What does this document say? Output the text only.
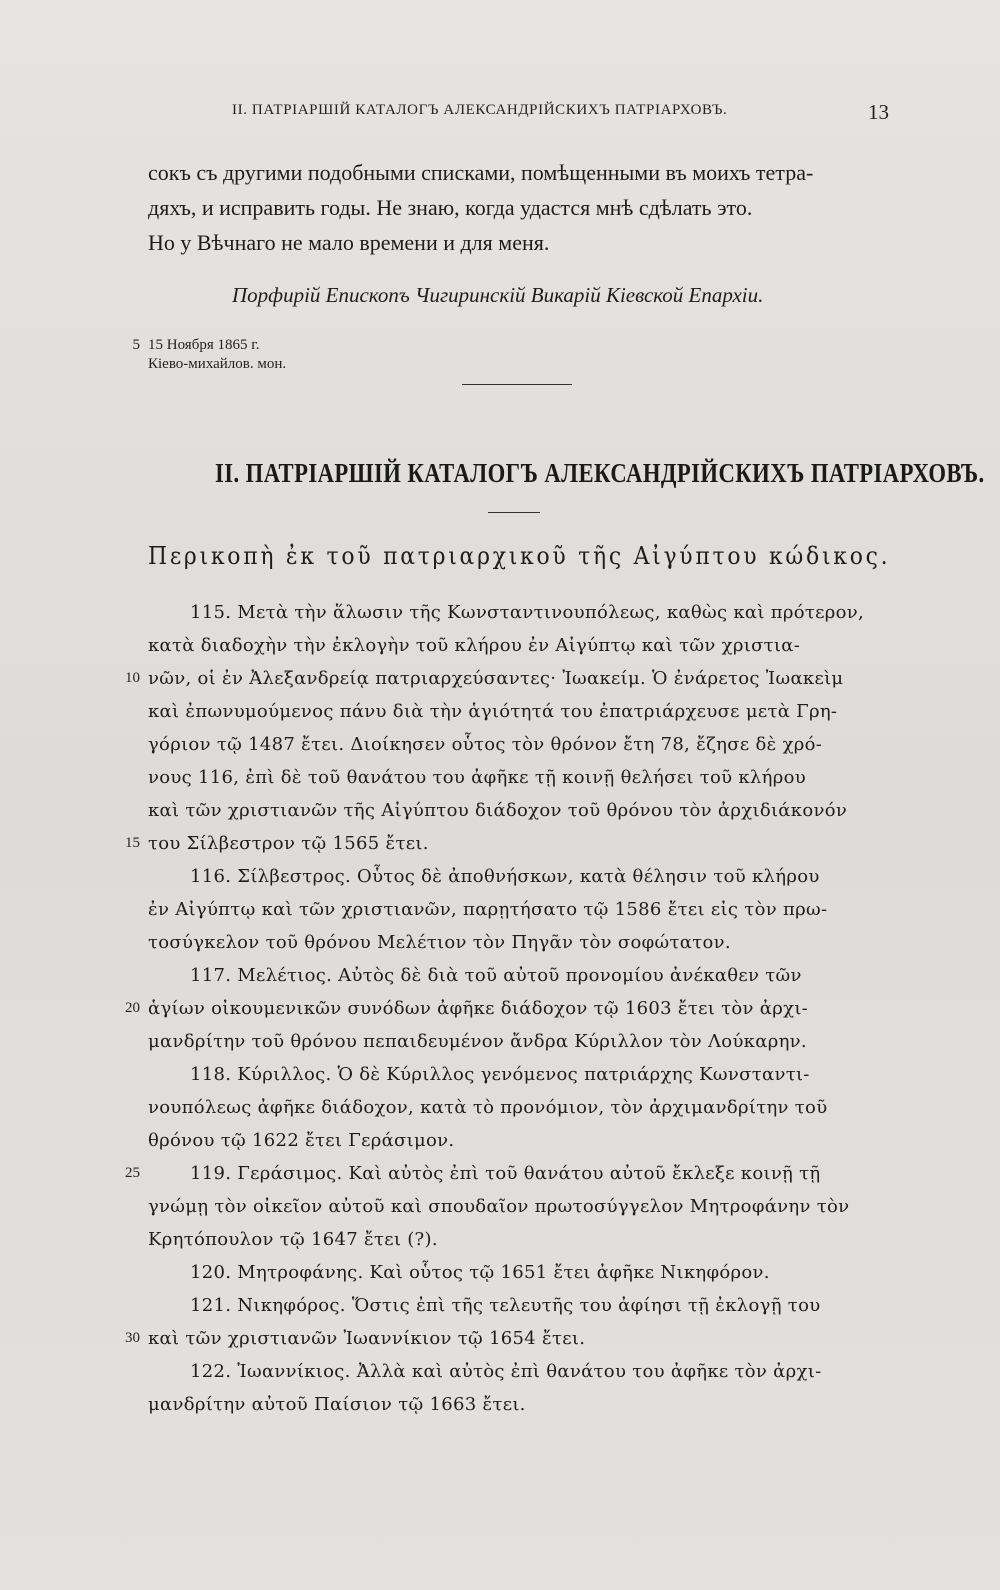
II. ПАТРІАРШІЙ КАТАЛОГЪ АЛЕКСАНДРІЙСКИХЪ ПАТРІАРХОВЪ.	13
сокъ съ другими подобными списками, помѣщенными въ моихъ тетра-
дяхъ, и исправить годы. Не знаю, когда удастся мнѣ сдѣлать это.
Но у Вѣчнаго не мало времени и для меня.
Порфирій Епископъ Чигиринскій Викарій Кіевской Епархіи.
5 15 Ноября 1865 г.
Кіево-михайлов. мон.
II. ПАТРІАРШІЙ КАТАЛОГЪ АЛЕКСАНДРІЙСКИХЪ ПАТРІАРХОВЪ.
Περικοπὴ ἐκ τοῦ πατριαρχικοῦ τῆς Αἰγύπτου κώδικος.
115. Μετὰ τὴν ἅλωσιν τῆς Κωνσταντινουπόλεως, καθὼς καὶ πρότερον,
κατὰ διαδοχὴν τὴν ἐκλογὴν τοῦ κλήρου ἐν Αἰγύπτῳ καὶ τῶν χριστια-
10 νῶν, οἱ ἐν Ἀλεξανδρείᾳ πατριαρχεύσαντες· Ἰωακείμ. Ὁ ἐνάρετος Ἰωακεὶμ
καὶ ἐπωνυμούμενος πάνυ διὰ τὴν ἁγιότητά του ἐπατριάρχευσε μετὰ Γρη-
γόριον τῷ 1487 ἔτει. Διοίκησεν οὗτος τὸν θρόνον ἔτη 78, ἔζησε δὲ χρό-
νους 116, ἐπὶ δὲ τοῦ θανάτου του ἀφῆκε τῇ κοινῇ θελήσει τοῦ κλήρου
καὶ τῶν χριστιανῶν τῆς Αἰγύπτου διάδοχον τοῦ θρόνου τὸν ἀρχιδιάκονόν
15 του Σίλβεστρον τῷ 1565 ἔτει.
116. Σίλβεστρος. Οὗτος δὲ ἀποθνήσκων, κατὰ θέλησιν τοῦ κλήρου
ἐν Αἰγύπτῳ καὶ τῶν χριστιανῶν, παρῃτήσατο τῷ 1586 ἔτει εἰς τὸν πρω-
τοσύγκελον τοῦ θρόνου Μελέτιον τὸν Πηγᾶν τὸν σοφώτατον.
117. Μελέτιος. Αὐτὸς δὲ διὰ τοῦ αὐτοῦ προνομίου ἀνέκαθεν τῶν
20 ἁγίων οἰκουμενικῶν συνόδων ἀφῆκε διάδοχον τῷ 1603 ἔτει τὸν ἀρχι-
μανδρίτην τοῦ θρόνου πεπαιδευμένον ἄνδρα Κύριλλον τὸν Λούκαρην.
118. Κύριλλος. Ὁ δὲ Κύριλλος γενόμενος πατριάρχης Κωνσταντι-
νουπόλεως ἀφῆκε διάδοχον, κατὰ τὸ προνόμιον, τὸν ἀρχιμανδρίτην τοῦ
θρόνου τῷ 1622 ἔτει Γεράσιμον.
25	119. Γεράσιμος. Καὶ αὐτὸς ἐπὶ τοῦ θανάτου αὐτοῦ ἔκλεξε κοινῇ τῇ
γνώμῃ τὸν οἰκεῖον αὐτοῦ καὶ σπουδαῖον πρωτοσύγγελον Μητροφάνην τὸν
Κρητόπουλον τῷ 1647 ἔτει (?).
120. Μητροφάνης. Καὶ οὗτος τῷ 1651 ἔτει ἀφῆκε Νικηφόρον.
121. Νικηφόρος. Ὅστις ἐπὶ τῆς τελευτῆς του ἀφίησι τῇ ἐκλογῇ του
30 καὶ τῶν χριστιανῶν Ἰωαννίκιον τῷ 1654 ἔτει.
122. Ἰωαννίκιος. Ἀλλὰ καὶ αὐτὸς ἐπὶ θανάτου του ἀφῆκε τὸν ἀρχι-
μανδρίτην αὐτοῦ Παίσιον τῷ 1663 ἔτει.
